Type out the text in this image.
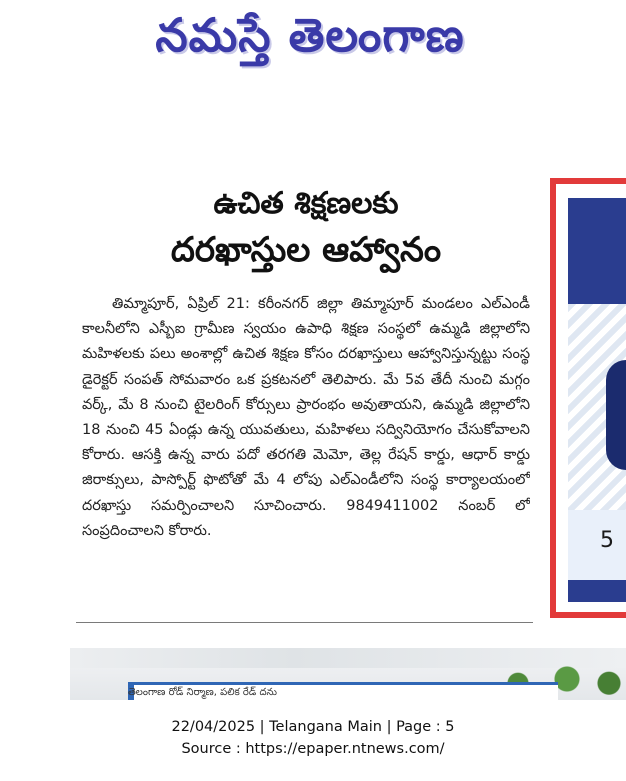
నమస్తే తెలంగాణ
ఉచిత శిక్షణలకు
దరఖాస్తుల ఆహ్వానం

తిమ్మాపూర్, ఏప్రిల్ 21: కరీంనగర్ జిల్లా తిమ్మాపూర్ మండలం ఎల్ఎండీ కాలనీలోని ఎస్బీఐ గ్రామీణ స్వయం ఉపాధి శిక్షణ సంస్థలో ఉమ్మడి జిల్లాలోని మహిళలకు పలు అంశాల్లో ఉచిత శిక్షణ కోసం దరఖాస్తులు ఆహ్వానిస్తున్నట్టు సంస్థ డైరెక్టర్ సంపత్ సోమవారం ఒక ప్రకటనలో తెలిపారు. మే 5వ తేదీ నుంచి మగ్గం వర్క్, మే 8 నుంచి టైలరింగ్ కోర్సులు ప్రారంభం అవుతాయని, ఉమ్మడి జిల్లాలోని 18 నుంచి 45 ఏండ్లు ఉన్న యువతులు, మహిళలు సద్వినియోగం చేసుకోవాలని కోరారు. ఆసక్తి ఉన్న వారు పదో తరగతి మెమో, తెల్ల రేషన్ కార్డు, ఆధార్ కార్డు జిరాక్సులు, పాస్పోర్ట్ ఫొటోతో మే 4 లోపు ఎల్ఎండీలోని సంస్థ కార్యాలయంలో దరఖాస్తు సమర్పించాలని సూచించారు. 9849411002 నంబర్ లో సంప్రదించాలని కోరారు.	5
తెలంగాణ రోడ్ నిర్మాణ, పలిక రేడ్ దను
22/04/2025 | Telangana Main | Page : 5
Source : https://epaper.ntnews.com/
